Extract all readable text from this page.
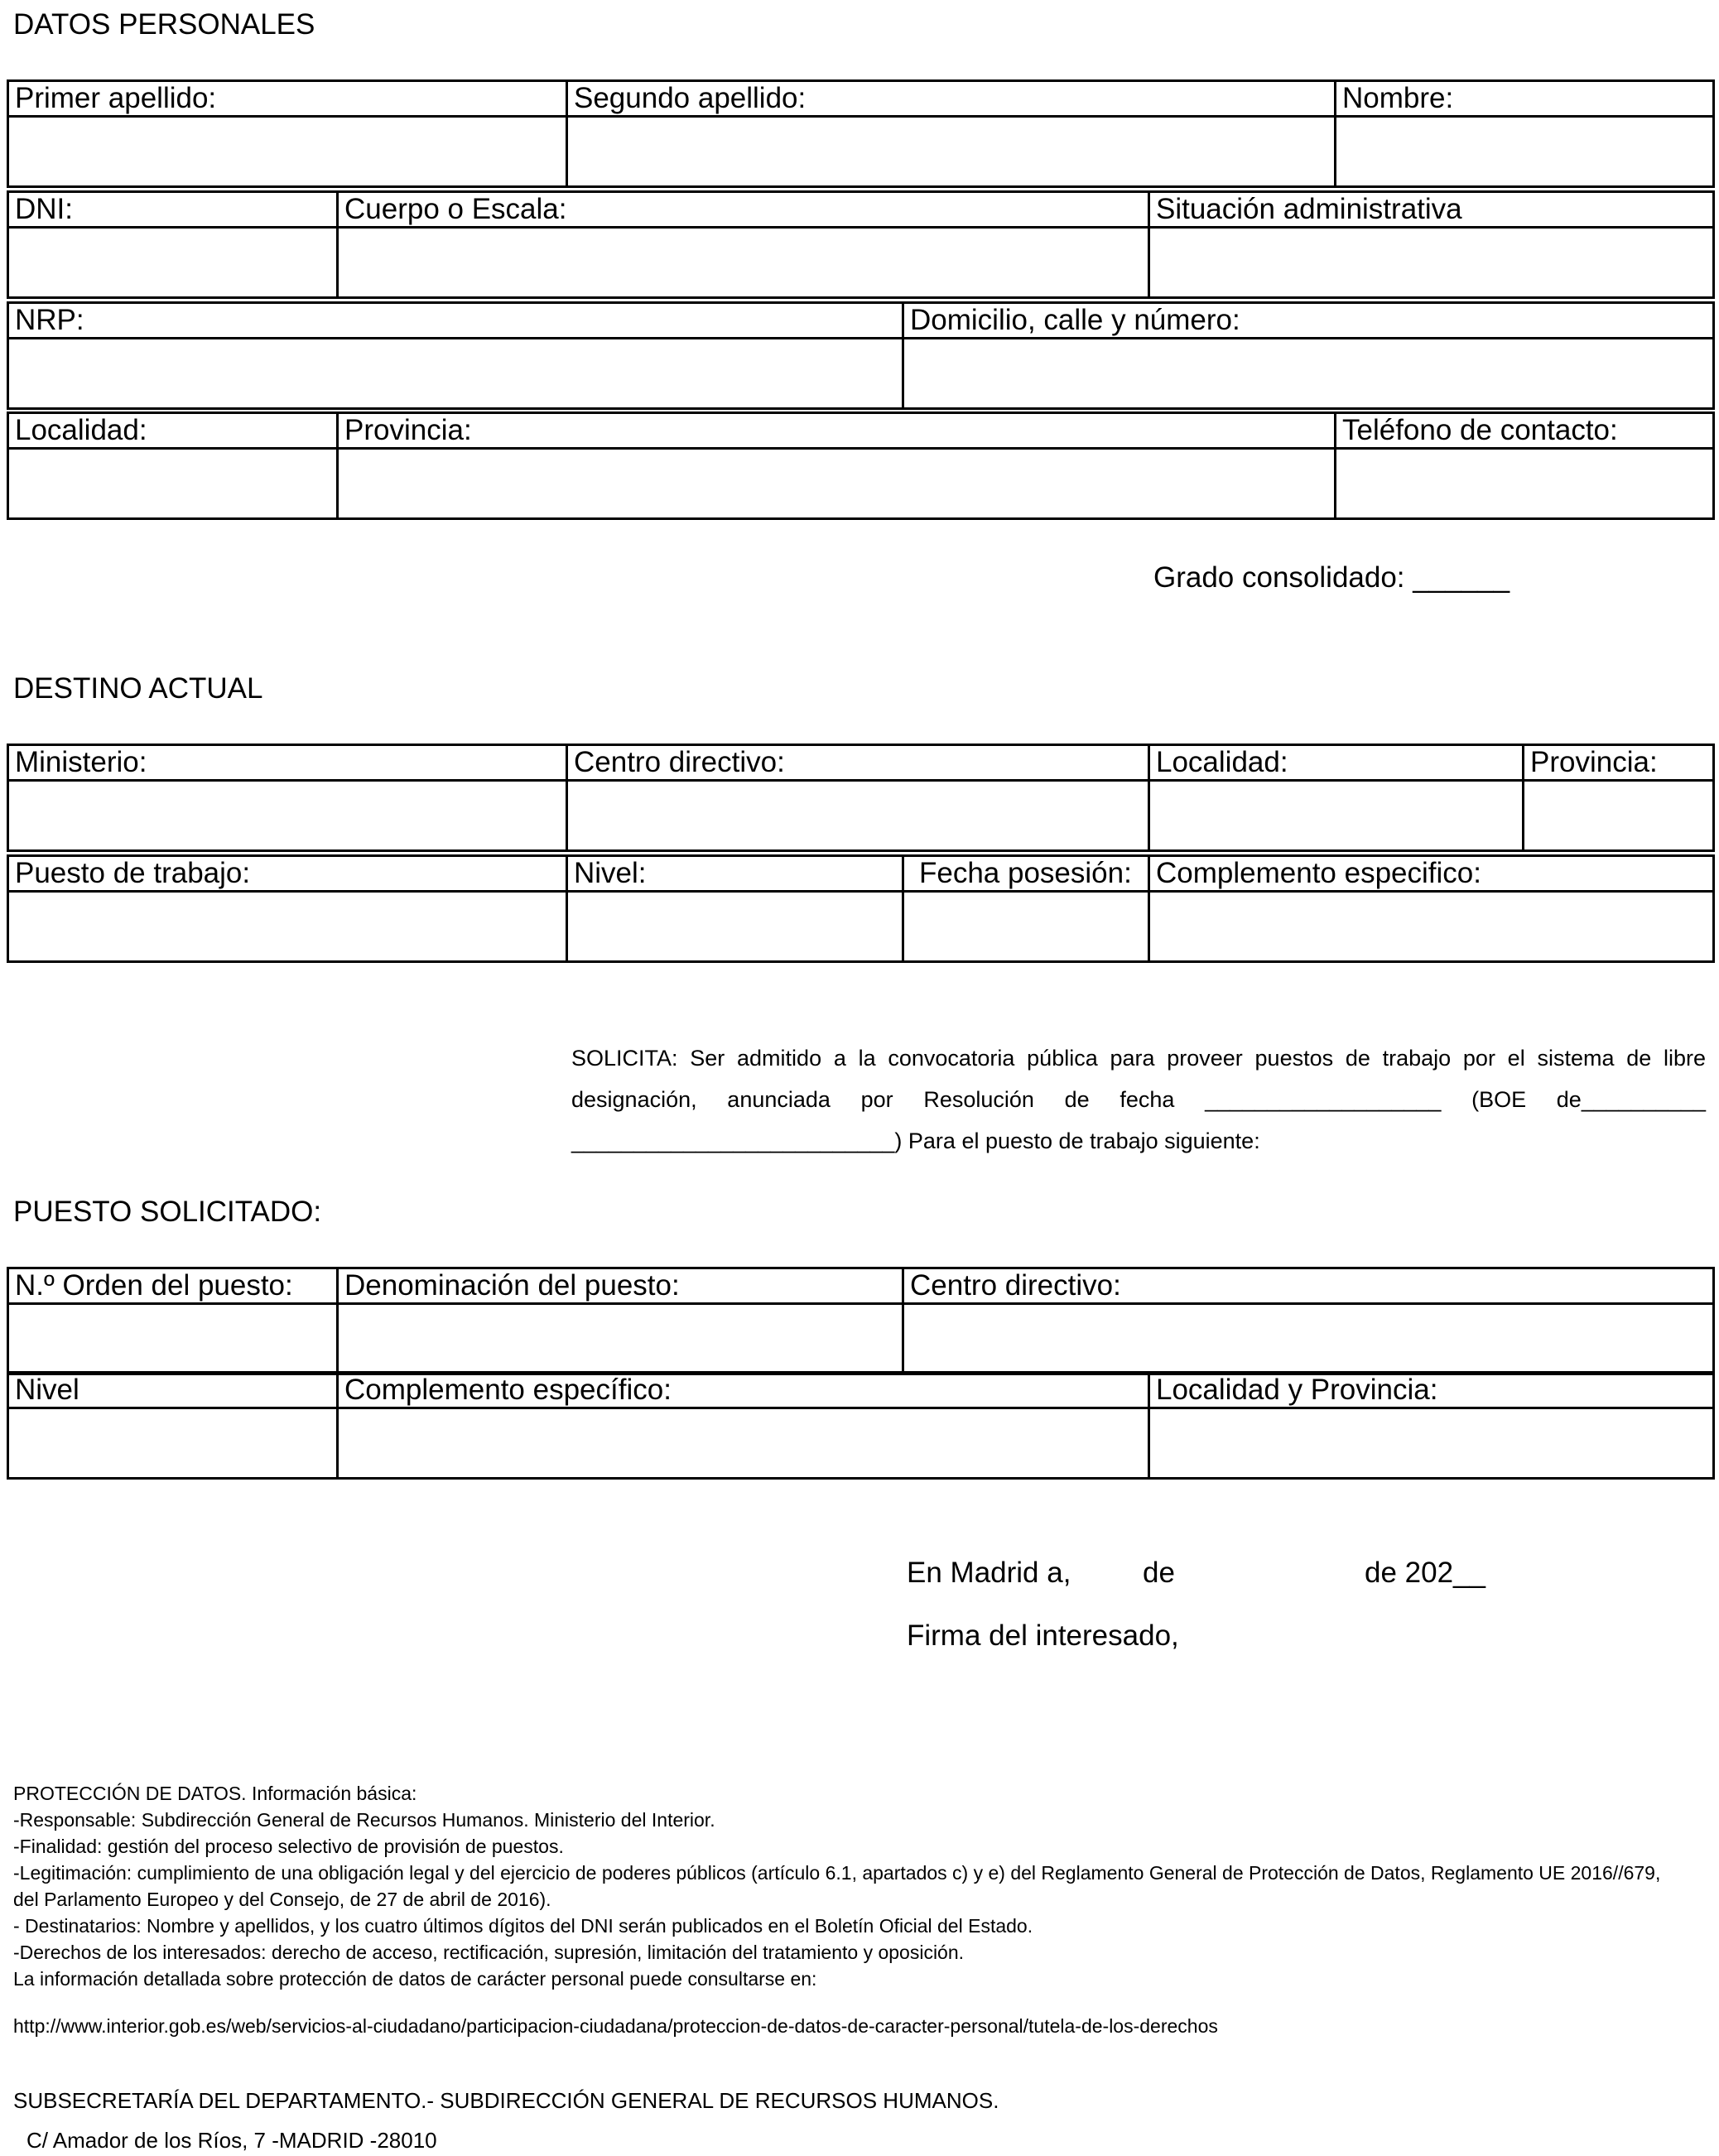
DATOS PERSONALES
Primer apellido:	Segundo apellido:	Nombre:

DNI:	Cuerpo o Escala:	Situación administrativa

NRP:	Domicilio, calle y número:

Localidad:	Provincia:	Teléfono de contacto:

Grado consolidado: ______
DESTINO ACTUAL
Ministerio:	Centro directivo:	Localidad:	Provincia:

Puesto de trabajo:	Nivel:	Fecha posesión:	Complemento especifico:

SOLICITA: Ser admitido a la convocatoria pública para proveer puestos de trabajo por el sistema de libre designación, anunciada por Resolución de fecha ___________________ (BOE de__________
__________________________) Para el puesto de trabajo siguiente:
PUESTO SOLICITADO:
N.º Orden del puesto:	Denominación del puesto:	Centro directivo:

Nivel	Complemento específico:	Localidad y Provincia:

En Madrid a, de	de 202__
Firma del interesado,
PROTECCIÓN DE DATOS. Información básica:
-Responsable: Subdirección General de Recursos Humanos. Ministerio del Interior.
-Finalidad: gestión del proceso selectivo de provisión de puestos.
-Legitimación: cumplimiento de una obligación legal y del ejercicio de poderes públicos (artículo 6.1, apartados c) y e) del Reglamento General de Protección de Datos, Reglamento UE 2016//679, del Parlamento Europeo y del Consejo, de 27 de abril de 2016).
- Destinatarios: Nombre y apellidos, y los cuatro últimos dígitos del DNI serán publicados en el Boletín Oficial del Estado.
-Derechos de los interesados: derecho de acceso, rectificación, supresión, limitación del tratamiento y oposición.
La información detallada sobre protección de datos de carácter personal puede consultarse en:
http://www.interior.gob.es/web/servicios-al-ciudadano/participacion-ciudadana/proteccion-de-datos-de-caracter-personal/tutela-de-los-derechos
SUBSECRETARÍA DEL DEPARTAMENTO.- SUBDIRECCIÓN GENERAL DE RECURSOS HUMANOS.
C/ Amador de los Ríos, 7 -MADRID -28010
